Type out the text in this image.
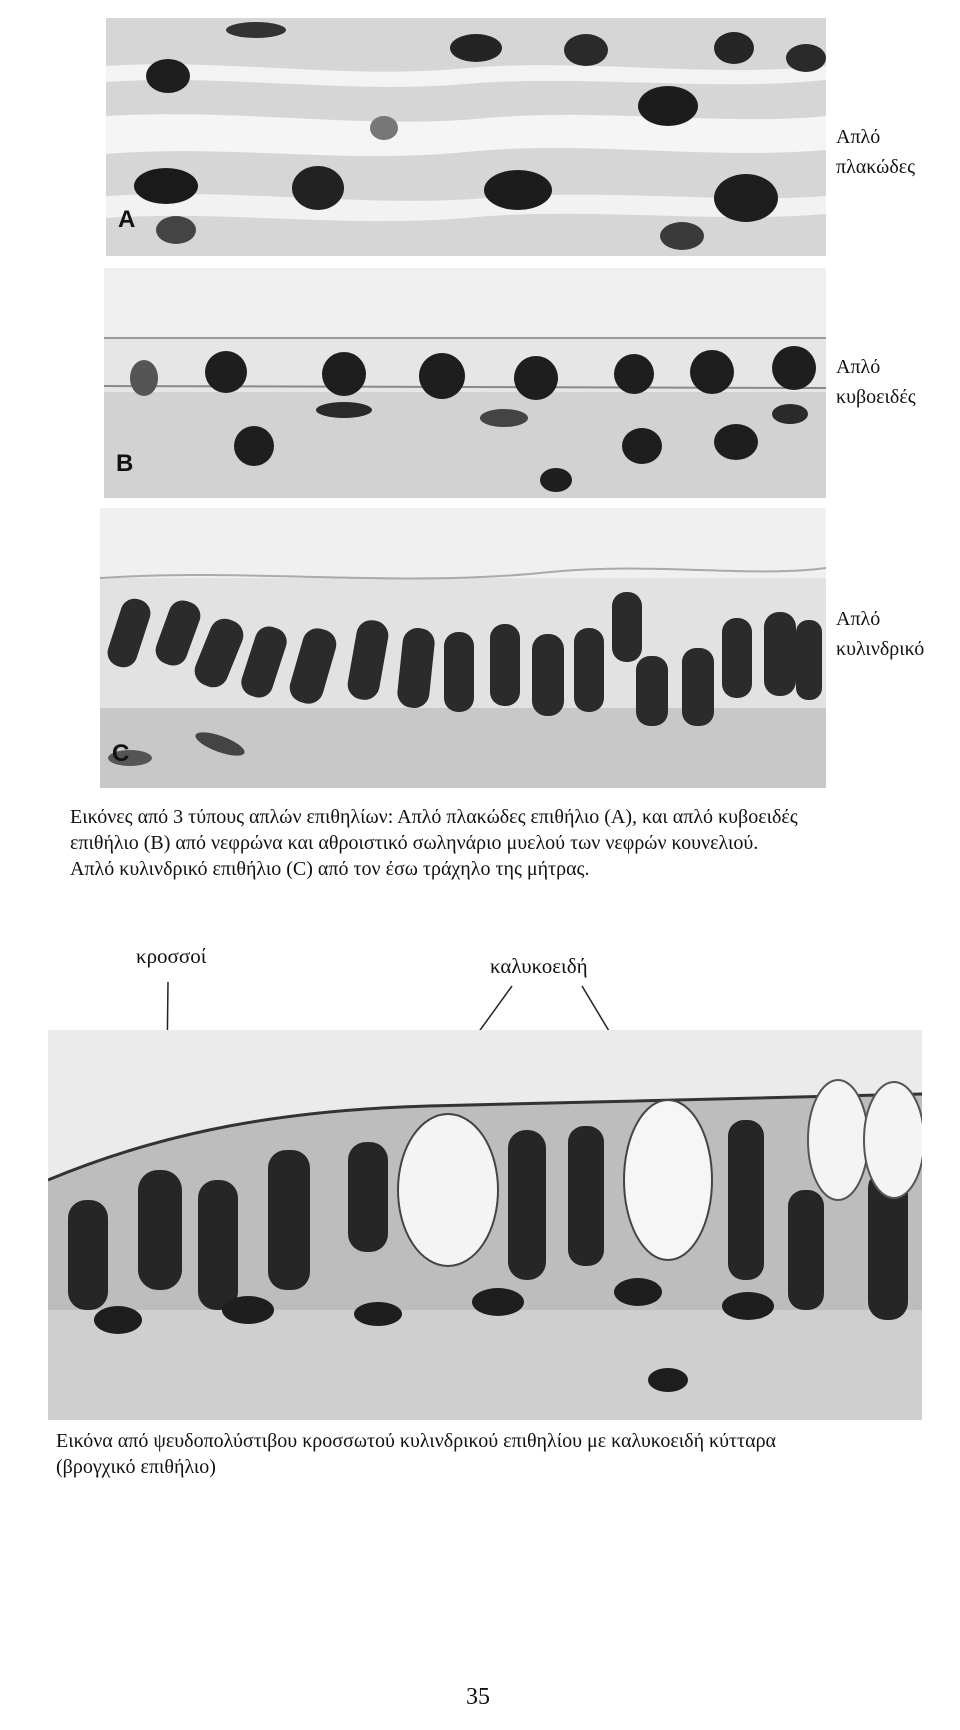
A
Απλό
πλακώδες
B
Απλό
κυβοειδές
C
Απλό
κυλινδρικό
Εικόνες από 3 τύπους απλών επιθηλίων: Απλό πλακώδες επιθήλιο (Α), και απλό κυβοειδές
επιθήλιο (Β) από νεφρώνα και αθροιστικό σωληνάριο μυελού των νεφρών κουνελιού.
Απλό κυλινδρικό επιθήλιο (C) από τον έσω τράχηλο της μήτρας.
κροσσοί	καλυκοειδή
Εικόνα από ψευδοπολύστιβου κροσσωτού κυλινδρικού επιθηλίου με καλυκοειδή κύτταρα
(βρογχικό επιθήλιο)
35
